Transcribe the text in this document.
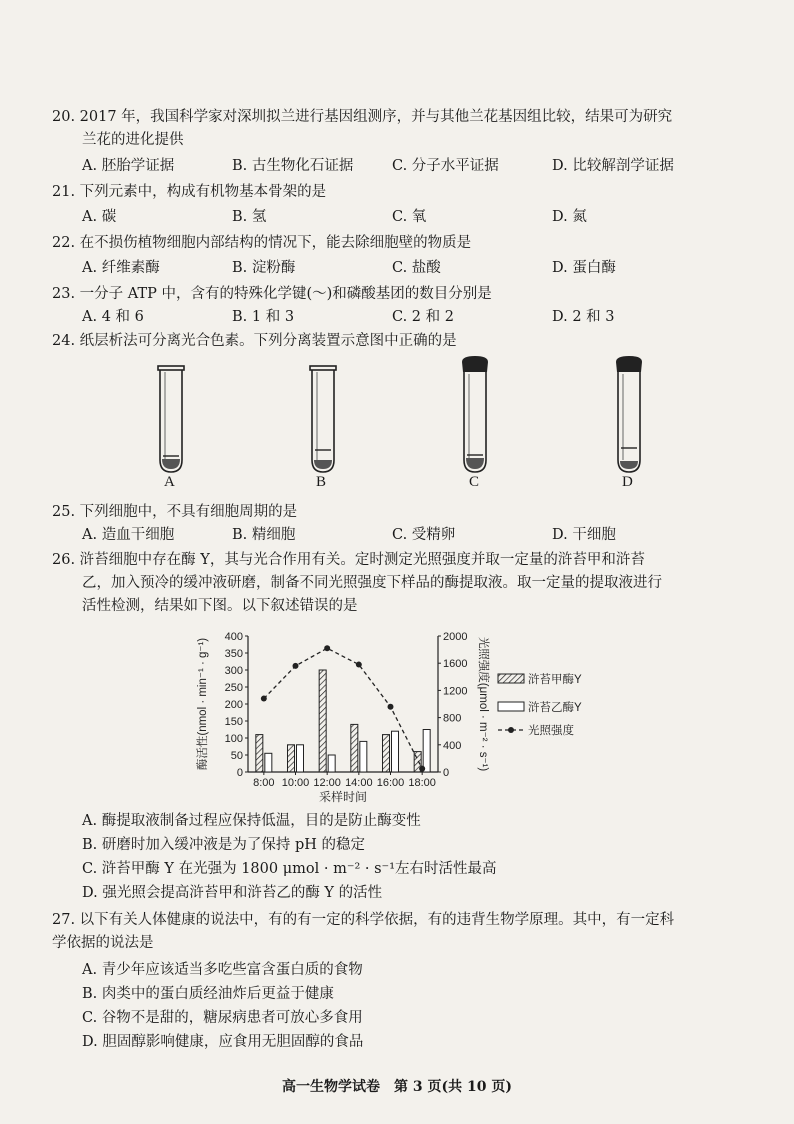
20. 2017 年，我国科学家对深圳拟兰进行基因组测序，并与其他兰花基因组比较，结果可为研究
兰花的进化提供
A. 胚胎学证据	B. 古生物化石证据	C. 分子水平证据	D. 比较解剖学证据
21. 下列元素中，构成有机物基本骨架的是
A. 碳	B. 氢	C. 氧	D. 氮
22. 在不损伤植物细胞内部结构的情况下，能去除细胞壁的物质是
A. 纤维素酶	B. 淀粉酶	C. 盐酸	D. 蛋白酶
23. 一分子 ATP 中，含有的特殊化学键(～)和磷酸基团的数目分别是
A. 4 和 6	B. 1 和 3	C. 2 和 2	D. 2 和 3
24. 纸层析法可分离光合色素。下列分离装置示意图中正确的是
A	B	C	D
25. 下列细胞中，不具有细胞周期的是
A. 造血干细胞	B. 精细胞	C. 受精卵	D. 干细胞
26. 浒苔细胞中存在酶 Y，其与光合作用有关。定时测定光照强度并取一定量的浒苔甲和浒苔
乙，加入预冷的缓冲液研磨，制备不同光照强度下样品的酶提取液。取一定量的提取液进行
活性检测，结果如下图。以下叙述错误的是
0
50
100
150
200
250
300
350
400
0
400
800
1200
1600
2000
8:00 10:00 12:00 14:00 16:00 18:00
酶活性(nmol · min⁻¹ · g⁻¹)	光照强度(μmol · m⁻² · s⁻¹)
采样时间
浒苔甲酶Y
浒苔乙酶Y
光照强度
A. 酶提取液制备过程应保持低温，目的是防止酶变性
B. 研磨时加入缓冲液是为了保持 pH 的稳定
C. 浒苔甲酶 Y 在光强为 1800 μmol · m⁻² · s⁻¹左右时活性最高
D. 强光照会提高浒苔甲和浒苔乙的酶 Y 的活性
27. 以下有关人体健康的说法中，有的有一定的科学依据，有的违背生物学原理。其中，有一定科
学依据的说法是
A. 青少年应该适当多吃些富含蛋白质的食物
B. 肉类中的蛋白质经油炸后更益于健康
C. 谷物不是甜的，糖尿病患者可放心多食用
D. 胆固醇影响健康，应食用无胆固醇的食品
高一生物学试卷　第 3 页(共 10 页)
